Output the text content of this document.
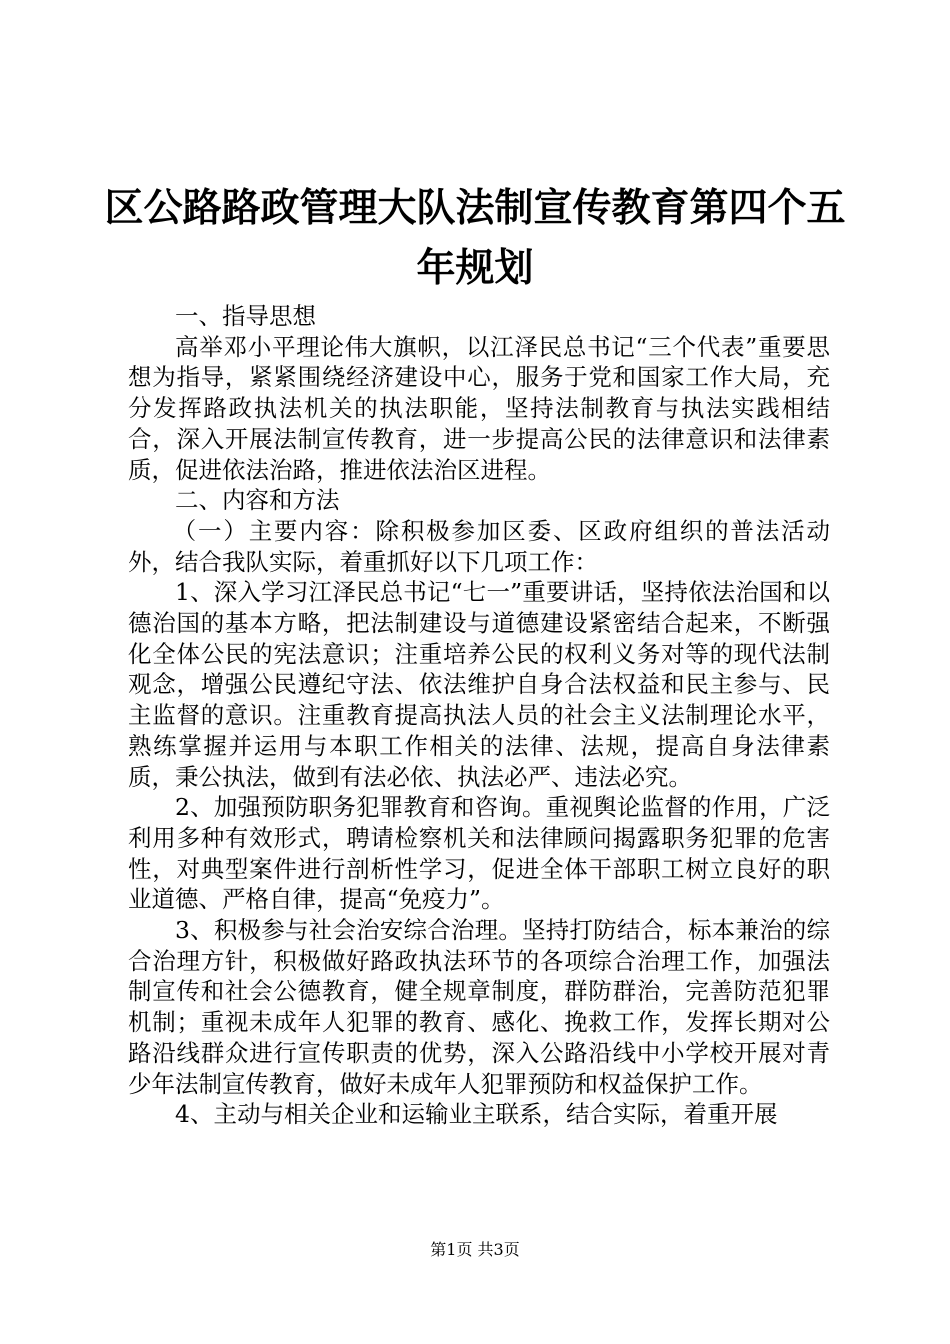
区公路路政管理大队法制宣传教育第四个五年规划

一、指导思想

高举邓小平理论伟大旗帜，以江泽民总书记“三个代表”重要思想为指导，紧紧围绕经济建设中心，服务于党和国家工作大局，充分发挥路政执法机关的执法职能，坚持法制教育与执法实践相结合，深入开展法制宣传教育，进一步提高公民的法律意识和法律素质，促进依法治路，推进依法治区进程。

二、内容和方法

（一）主要内容：除积极参加区委、区政府组织的普法活动外，结合我队实际，着重抓好以下几项工作：

1、深入学习江泽民总书记“七一”重要讲话，坚持依法治国和以德治国的基本方略，把法制建设与道德建设紧密结合起来，不断强化全体公民的宪法意识；注重培养公民的权利义务对等的现代法制观念，增强公民遵纪守法、依法维护自身合法权益和民主参与、民主监督的意识。注重教育提高执法人员的社会主义法制理论水平，熟练掌握并运用与本职工作相关的法律、法规，提高自身法律素质，秉公执法，做到有法必依、执法必严、违法必究。

2、加强预防职务犯罪教育和咨询。重视舆论监督的作用，广泛利用多种有效形式，聘请检察机关和法律顾问揭露职务犯罪的危害性，对典型案件进行剖析性学习，促进全体干部职工树立良好的职业道德、严格自律，提高“免疫力”。

3、积极参与社会治安综合治理。坚持打防结合，标本兼治的综合治理方针，积极做好路政执法环节的各项综合治理工作，加强法制宣传和社会公德教育，健全规章制度，群防群治，完善防范犯罪机制；重视未成年人犯罪的教育、感化、挽救工作，发挥长期对公路沿线群众进行宣传职责的优势，深入公路沿线中小学校开展对青少年法制宣传教育，做好未成年人犯罪预防和权益保护工作。

4、主动与相关企业和运输业主联系，结合实际，着重开展

第1页 共3页
